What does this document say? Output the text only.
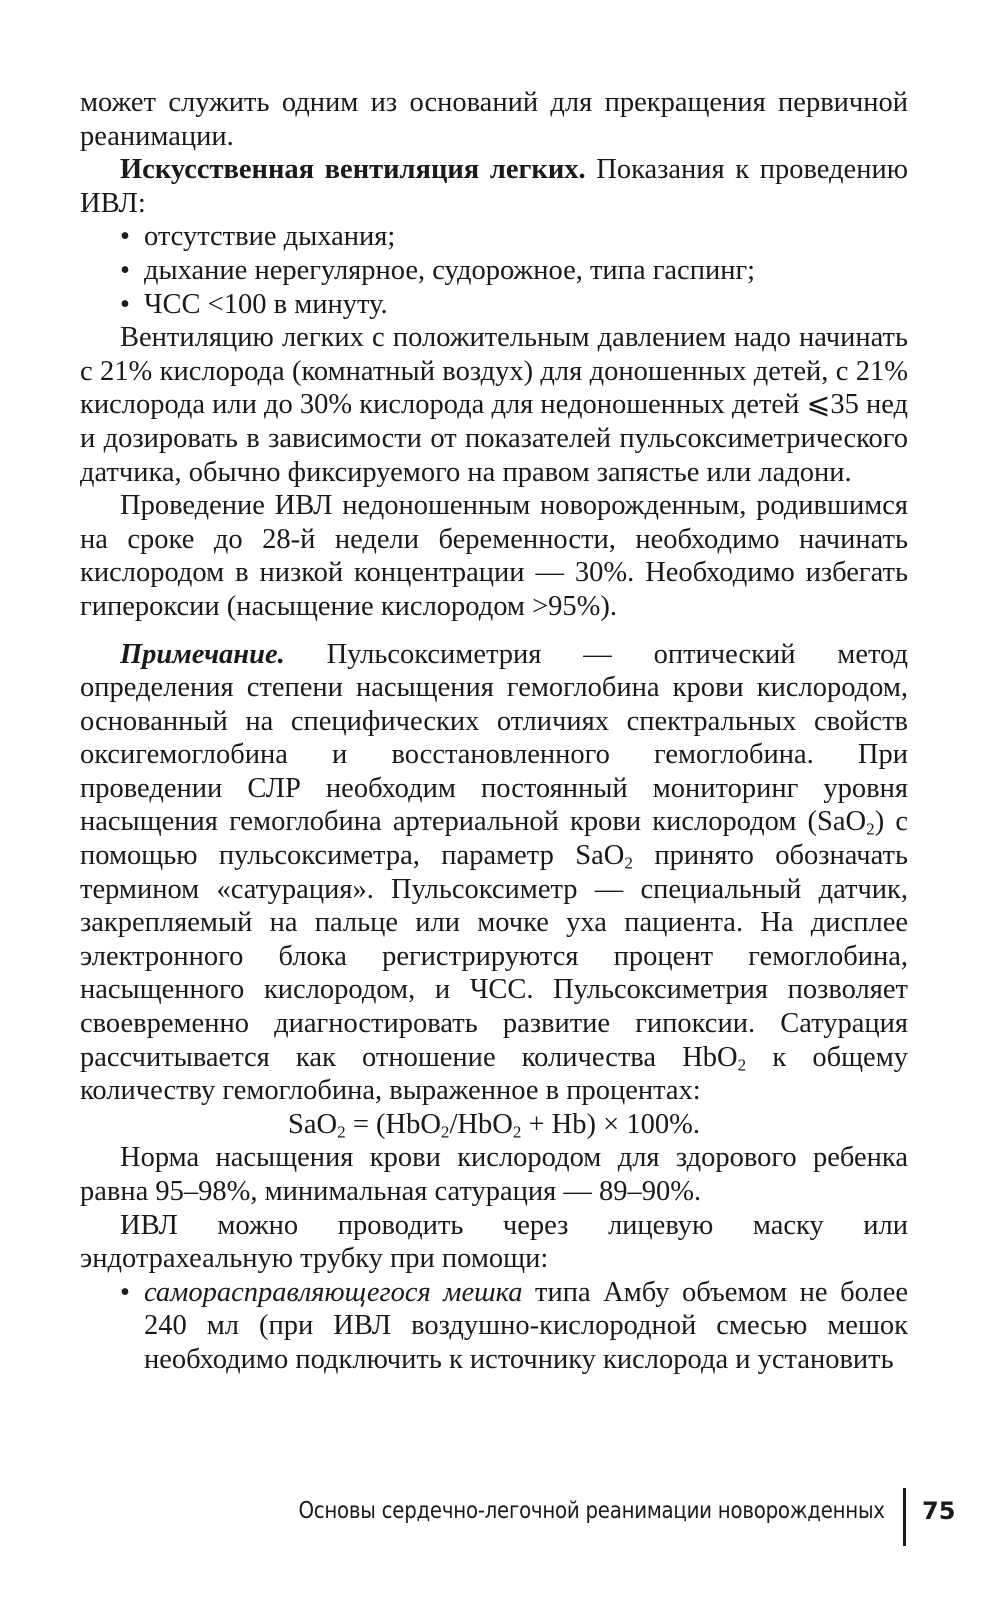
может служить одним из оснований для прекращения первичной реанимации.

Искусственная вентиляция легких. Показания к проведению ИВЛ:

• отсутствие дыхания;
• дыхание нерегулярное, судорожное, типа гаспинг;
• ЧСС <100 в минуту.

Вентиляцию легких с положительным давлением надо начинать с 21% кислорода (комнатный воздух) для доношенных детей, с 21% кислорода или до 30% кислорода для недоношенных детей ⩽35 нед и дозировать в зависимости от показателей пульсоксиметрического датчика, обычно фиксируемого на правом запястье или ладони.

Проведение ИВЛ недоношенным новорожденным, родившимся на сроке до 28-й недели беременности, необходимо начинать кислородом в низкой концентрации — 30%. Необходимо избегать гипероксии (насыщение кислородом >95%).

Примечание. Пульсоксиметрия — оптический метод определения степени насыщения гемоглобина крови кислородом, основанный на специфических отличиях спектральных свойств оксигемоглобина и восстановленного гемоглобина. При проведении СЛР необходим постоянный мониторинг уровня насыщения гемоглобина артериальной крови кислородом (SaO$_2$) с помощью пульсоксиметра, параметр SaO$_2$ принято обозначать термином «сатурация». Пульсоксиметр — специальный датчик, закрепляемый на пальце или мочке уха пациента. На дисплее электронного блока регистрируются процент гемоглобина, насыщенного кислородом, и ЧСС. Пульсоксиметрия позволяет своевременно диагностировать развитие гипоксии. Сатурация рассчитывается как отношение количества HbO$_2$ к общему количеству гемоглобина, выраженное в процентах:

SaO$_2$ = (HbO$_2$/HbO$_2$ + Hb) × 100%.

Норма насыщения крови кислородом для здорового ребенка равна 95–98%, минимальная сатурация — 89–90%.

ИВЛ можно проводить через лицевую маску или эндотрахеальную трубку при помощи:

• саморасправляющегося мешка типа Амбу объемом не более 240 мл (при ИВЛ воздушно-кислородной смесью мешок необходимо подключить к источнику кислорода и установить
Основы сердечно-легочной реанимации новорожденных 75
